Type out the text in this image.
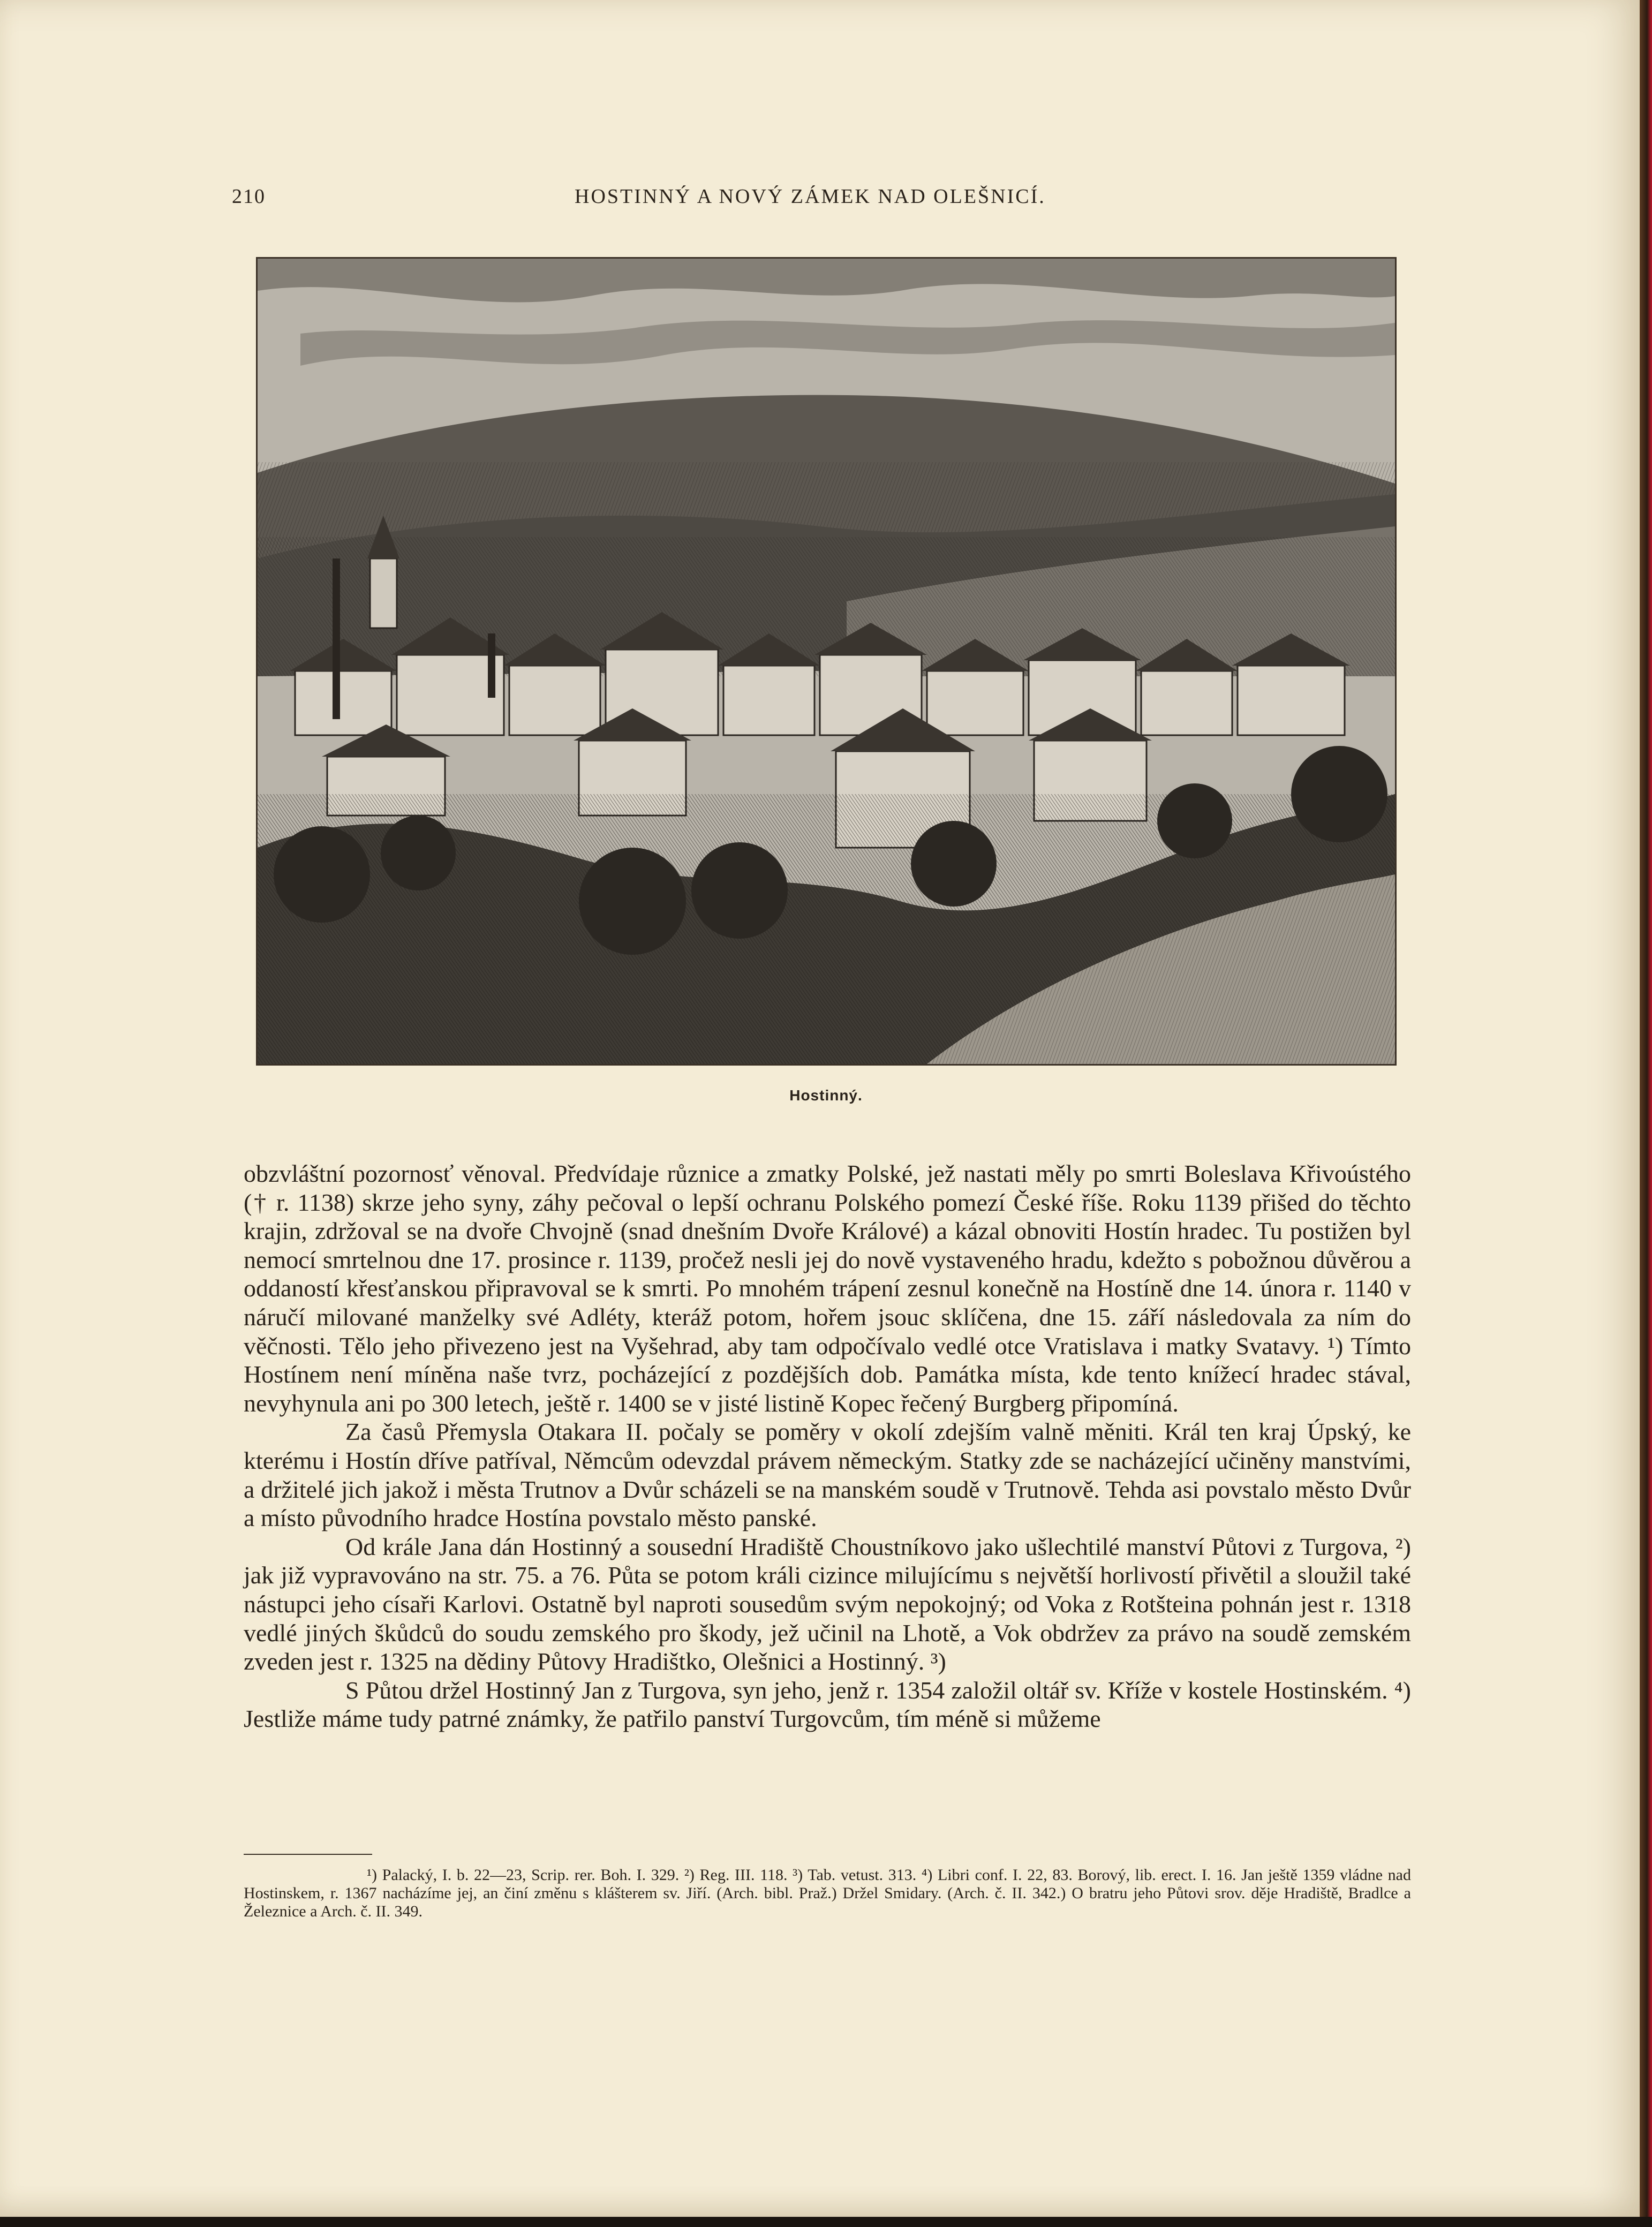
210	HOSTINNÝ A NOVÝ ZÁMEK NAD OLEŠNICÍ.
Hostinný.

obzvláštní pozornosť věnoval. Předvídaje různice a zmatky Polské, jež nastati měly po smrti Boleslava Křivoústého († r. 1138) skrze jeho syny, záhy pečoval o lepší ochranu Polského pomezí České říše. Roku 1139 přišed do těchto krajin, zdržoval se na dvoře Chvojně (snad dnešním Dvoře Králové) a kázal obnoviti Hostín hradec. Tu postižen byl nemocí smrtelnou dne 17. prosince r. 1139, pročež nesli jej do nově vystaveného hradu, kdežto s pobožnou důvěrou a oddaností křesťanskou připravoval se k smrti. Po mnohém trápení zesnul konečně na Hostíně dne 14. února r. 1140 v náručí milované manželky své Adléty, kteráž potom, hořem jsouc sklíčena, dne 15. září následovala za ním do věčnosti. Tělo jeho přivezeno jest na Vyšehrad, aby tam odpočívalo vedlé otce Vratislava i matky Svatavy. ¹) Tímto Hostínem není míněna naše tvrz, pocházející z pozdějších dob. Památka místa, kde tento knížecí hradec stával, nevyhynula ani po 300 letech, ještě r. 1400 se v jisté listině Kopec řečený Burgberg připomíná.

Za časů Přemysla Otakara II. počaly se poměry v okolí zdejším valně měniti. Král ten kraj Úpský, ke kterému i Hostín dříve patříval, Němcům odevzdal právem německým. Statky zde se nacházející učiněny manstvími, a držitelé jich jakož i města Trutnov a Dvůr scházeli se na manském soudě v Trutnově. Tehda asi povstalo město Dvůr a místo původního hradce Hostína povstalo město panské.

Od krále Jana dán Hostinný a sousední Hradiště Choustníkovo jako ušlechtilé manství Půtovi z Turgova, ²) jak již vypravováno na str. 75. a 76. Půta se potom králi cizince milujícímu s největší horlivostí přivětil a sloužil také nástupci jeho císaři Karlovi. Ostatně byl naproti sousedům svým nepokojný; od Voka z Rotšteina pohnán jest r. 1318 vedlé jiných škůdců do soudu zemského pro škody, jež učinil na Lhotě, a Vok obdržev za právo na soudě zemském zveden jest r. 1325 na dědiny Půtovy Hradištko, Olešnici a Hostinný. ³)

S Půtou držel Hostinný Jan z Turgova, syn jeho, jenž r. 1354 založil oltář sv. Kříže v kostele Hostinském. ⁴) Jestliže máme tudy patrné známky, že patřilo panství Turgovcům, tím méně si můžeme

¹) Palacký, I. b. 22—23, Scrip. rer. Boh. I. 329. ²) Reg. III. 118. ³) Tab. vetust. 313. ⁴) Libri conf. I. 22, 83. Borový, lib. erect. I. 16. Jan ještě 1359 vládne nad Hostinskem, r. 1367 nacházíme jej, an činí změnu s klášterem sv. Jiří. (Arch. bibl. Praž.) Držel Smidary. (Arch. č. II. 342.) O bratru jeho Půtovi srov. děje Hradiště, Bradlce a Železnice a Arch. č. II. 349.
